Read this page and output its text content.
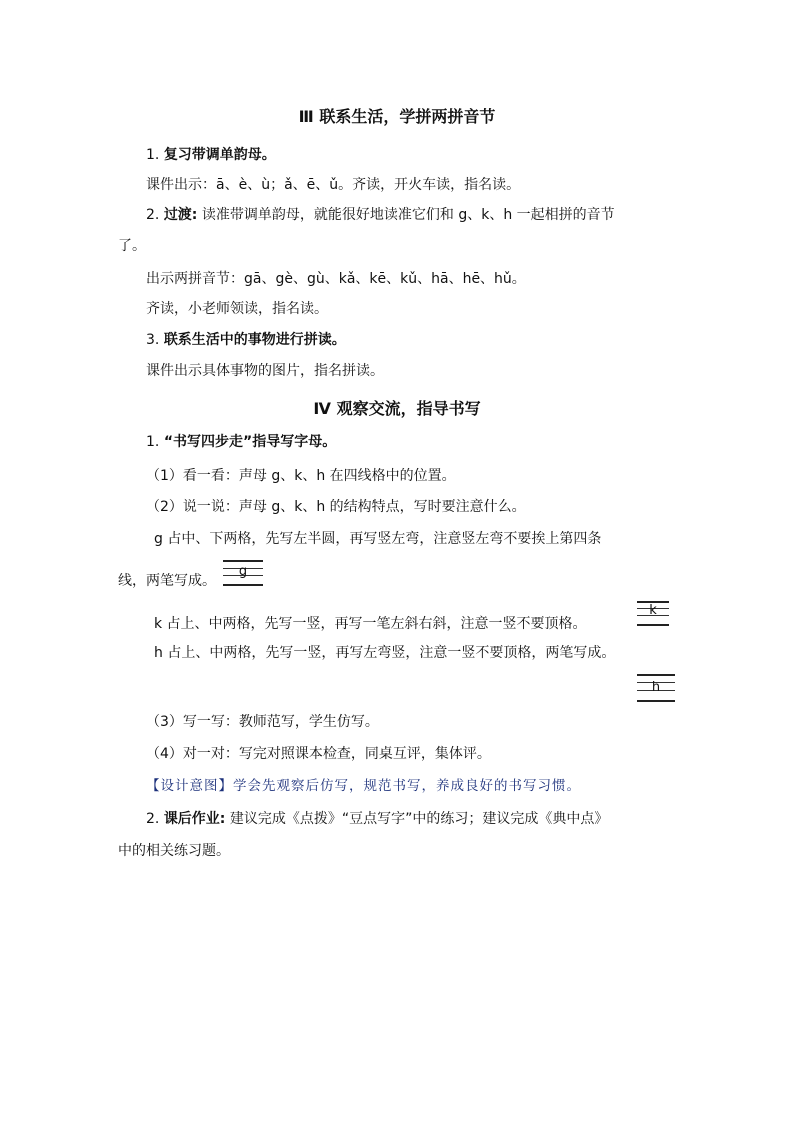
Ⅲ 联系生活，学拼两拼音节
1. 复习带调单韵母。
课件出示：ā、è、ù；ǎ、ē、ǔ。齐读，开火车读，指名读。
2. 过渡: 读准带调单韵母，就能很好地读准它们和 g、k、h 一起相拼的音节
了。
出示两拼音节：gā、gè、gù、kǎ、kē、kǔ、hā、hē、hǔ。
齐读，小老师领读，指名读。
3. 联系生活中的事物进行拼读。
课件出示具体事物的图片，指名拼读。
Ⅳ 观察交流，指导书写
1. “书写四步走”指导写字母。
（1）看一看：声母 g、k、h 在四线格中的位置。
（2）说一说：声母 g、k、h 的结构特点，写时要注意什么。
g 占中、下两格，先写左半圆，再写竖左弯，注意竖左弯不要挨上第四条
线，两笔写成。
g
k 占上、中两格，先写一竖，再写一笔左斜右斜，注意一竖不要顶格。
k
h 占上、中两格，先写一竖，再写左弯竖，注意一竖不要顶格，两笔写成。
h
（3）写一写：教师范写，学生仿写。
（4）对一对：写完对照课本检查，同桌互评，集体评。
【设计意图】学会先观察后仿写，规范书写，养成良好的书写习惯。
2. 课后作业: 建议完成《点拨》“豆点写字”中的练习；建议完成《典中点》
中的相关练习题。
